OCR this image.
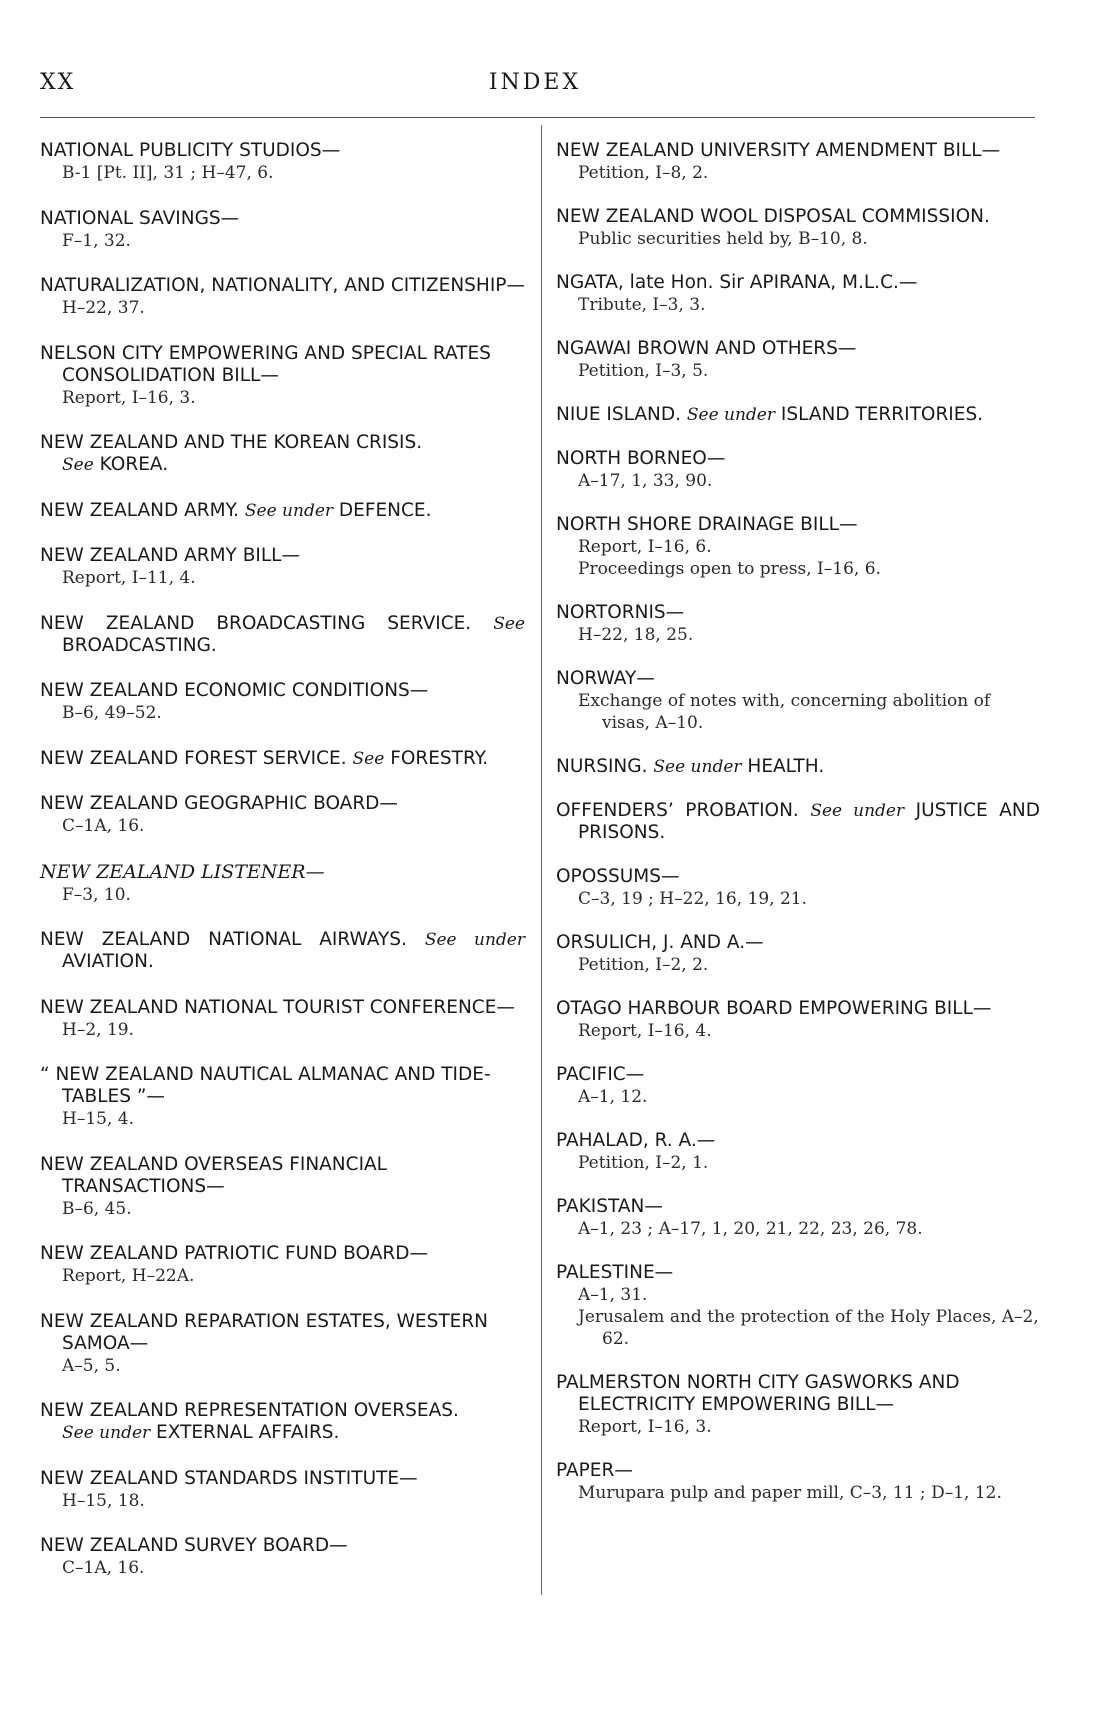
XX	INDEX
NATIONAL PUBLICITY STUDIOS—
B-1 [Pt. II], 31 ; H–47, 6.
NATIONAL SAVINGS—
F–1, 32.
NATURALIZATION, NATIONALITY, AND CITIZENSHIP—
H–22, 37.
NELSON CITY EMPOWERING AND SPECIAL RATES CONSOLIDATION BILL—
Report, I–16, 3.
NEW ZEALAND AND THE KOREAN CRISIS.
See KOREA.
NEW ZEALAND ARMY. See under DEFENCE.
NEW ZEALAND ARMY BILL—
Report, I–11, 4.
NEW ZEALAND BROADCASTING SERVICE. See BROADCASTING.
NEW ZEALAND ECONOMIC CONDITIONS—
B–6, 49–52.
NEW ZEALAND FOREST SERVICE. See FORESTRY.
NEW ZEALAND GEOGRAPHIC BOARD—
C–1A, 16.
NEW ZEALAND LISTENER—
F–3, 10.
NEW ZEALAND NATIONAL AIRWAYS. See under AVIATION.
NEW ZEALAND NATIONAL TOURIST CONFERENCE—
H–2, 19.
“ NEW ZEALAND NAUTICAL ALMANAC AND TIDE-TABLES ”—
H–15, 4.
NEW ZEALAND OVERSEAS FINANCIAL TRANSACTIONS—
B–6, 45.
NEW ZEALAND PATRIOTIC FUND BOARD—
Report, H–22A.
NEW ZEALAND REPARATION ESTATES, WESTERN SAMOA—
A–5, 5.
NEW ZEALAND REPRESENTATION OVERSEAS.
See under EXTERNAL AFFAIRS.
NEW ZEALAND STANDARDS INSTITUTE—
H–15, 18.
NEW ZEALAND SURVEY BOARD—
C–1A, 16.
NEW ZEALAND UNIVERSITY AMENDMENT BILL—
Petition, I–8, 2.
NEW ZEALAND WOOL DISPOSAL COMMISSION.
Public securities held by, B–10, 8.
NGATA, late Hon. Sir APIRANA, M.L.C.—
Tribute, I–3, 3.
NGAWAI BROWN AND OTHERS—
Petition, I–3, 5.
NIUE ISLAND. See under ISLAND TERRITORIES.
NORTH BORNEO—
A–17, 1, 33, 90.
NORTH SHORE DRAINAGE BILL—
Report, I–16, 6.
Proceedings open to press, I–16, 6.
NORTORNIS—
H–22, 18, 25.
NORWAY—
Exchange of notes with, concerning abolition of visas, A–10.
NURSING. See under HEALTH.
OFFENDERS’ PROBATION. See under JUSTICE AND PRISONS.
OPOSSUMS—
C–3, 19 ; H–22, 16, 19, 21.
ORSULICH, J. AND A.—
Petition, I–2, 2.
OTAGO HARBOUR BOARD EMPOWERING BILL—
Report, I–16, 4.
PACIFIC—
A–1, 12.
PAHALAD, R. A.—
Petition, I–2, 1.
PAKISTAN—
A–1, 23 ; A–17, 1, 20, 21, 22, 23, 26, 78.
PALESTINE—
A–1, 31.
Jerusalem and the protection of the Holy Places, A–2, 62.
PALMERSTON NORTH CITY GASWORKS AND ELECTRICITY EMPOWERING BILL—
Report, I–16, 3.
PAPER—
Murupara pulp and paper mill, C–3, 11 ; D–1, 12.
